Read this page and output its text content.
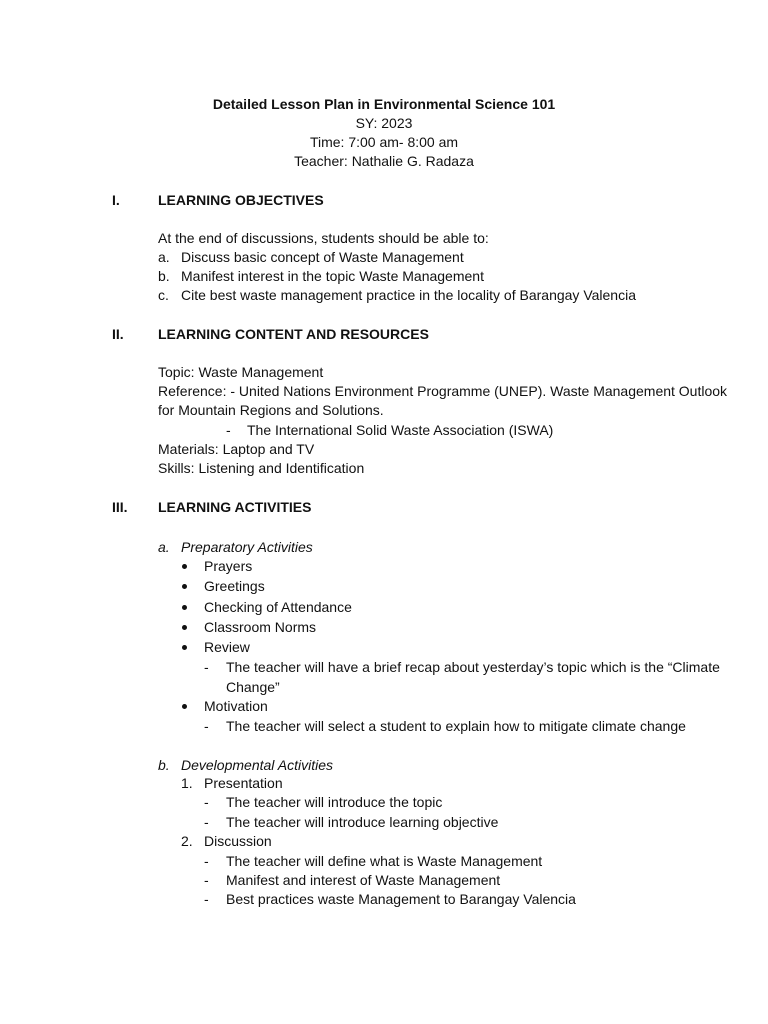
Detailed Lesson Plan in Environmental Science 101
SY: 2023
Time: 7:00 am- 8:00 am
Teacher: Nathalie G. Radaza
I.	LEARNING OBJECTIVES
At the end of discussions, students should be able to:
a. Discuss basic concept of Waste Management
b. Manifest interest in the topic Waste Management
c. Cite best waste management practice in the locality of Barangay Valencia
II. LEARNING CONTENT AND RESOURCES
Topic: Waste Management
Reference: - United Nations Environment Programme (UNEP). Waste Management Outlook
for Mountain Regions and Solutions.
- The International Solid Waste Association (ISWA)
Materials: Laptop and TV
Skills: Listening and Identification
III. LEARNING ACTIVITIES
a. Preparatory Activities
Prayers
Greetings
Checking of Attendance
Classroom Norms
Review
- The teacher will have a brief recap about yesterday’s topic which is the “Climate
Change”
Motivation
- The teacher will select a student to explain how to mitigate climate change
b. Developmental Activities
1. Presentation
- The teacher will introduce the topic
- The teacher will introduce learning objective
2. Discussion
- The teacher will define what is Waste Management
- Manifest and interest of Waste Management
- Best practices waste Management to Barangay Valencia
